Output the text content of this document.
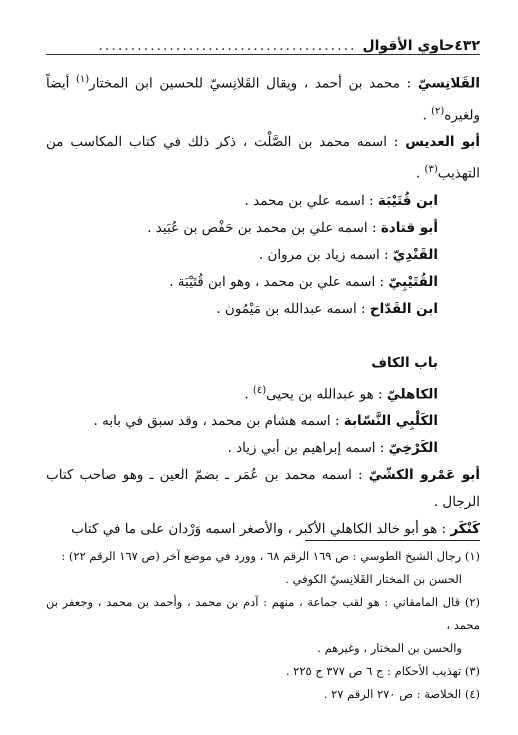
٤٣٢
حاوي الأقوال
........................................
القَلانِسيّ : محمد بن أحمد ، ويقال القَلانِسيّ للحسين ابن المختار$^{(١)}$ أيضاً ولغيره$^{(٢)}$ .
أبو العديس : اسمه محمد بن الصَّلْت ، ذكر ذلك في كتاب المكاسب من التهذيب$^{(٣)}$ .
ابن قُتَيْبَة : اسمه علي بن محمد .
أبو قتادة : اسمه علي بن محمد بن حَفْص بن عُبَيد .
القَنْدِيّ : اسمه زياد بن مروان .
القُتَيْبِيّ : اسمه علي بن محمد ، وهو ابن قُتَيْبَة .
ابن القَدّاح : اسمه عبدالله بن مَيْمُون .
باب الكاف
الكاهليّ : هو عبدالله بن يحيى$^{(٤)}$ .
الكَلْبِي النَّسّابة : اسمه هشام بن محمد ، وقد سبق في بابه .
الكَرْخِيّ : اسمه إبراهيم بن أبي زياد .
أبو عَمْرو الكشّيّ : اسمه محمد بن عُمَر ـ بضمّ العين ـ وهو صاحب كتاب الرجال .
كَنْكَر : هو أبو خالد الكاهلي الأكبر ، والأصغر اسمه وَرْدان على ما في كتاب
(١) رجال الشيخ الطوسي : ص ١٦٩ الرقم ٦٨ ، وورد في موضع آخر (ص ١٦٧ الرقم ٢٢) :
الحسن بن المختار القَلانِسيّ الكوفي .
(٢) قال المامقاني : هو لقب جماعة ، منهم : آدم بن محمد ، وأحمد بن محمد ، وجعفر بن محمد ،
والحسن بن المختار ، وغيرهم .
(٣) تهذيب الأحكام : ج ٦ ص ٣٧٧ ح ٢٢٥ .
(٤) الخلاصة : ص ٢٧٠ الرقم ٢٧ .
